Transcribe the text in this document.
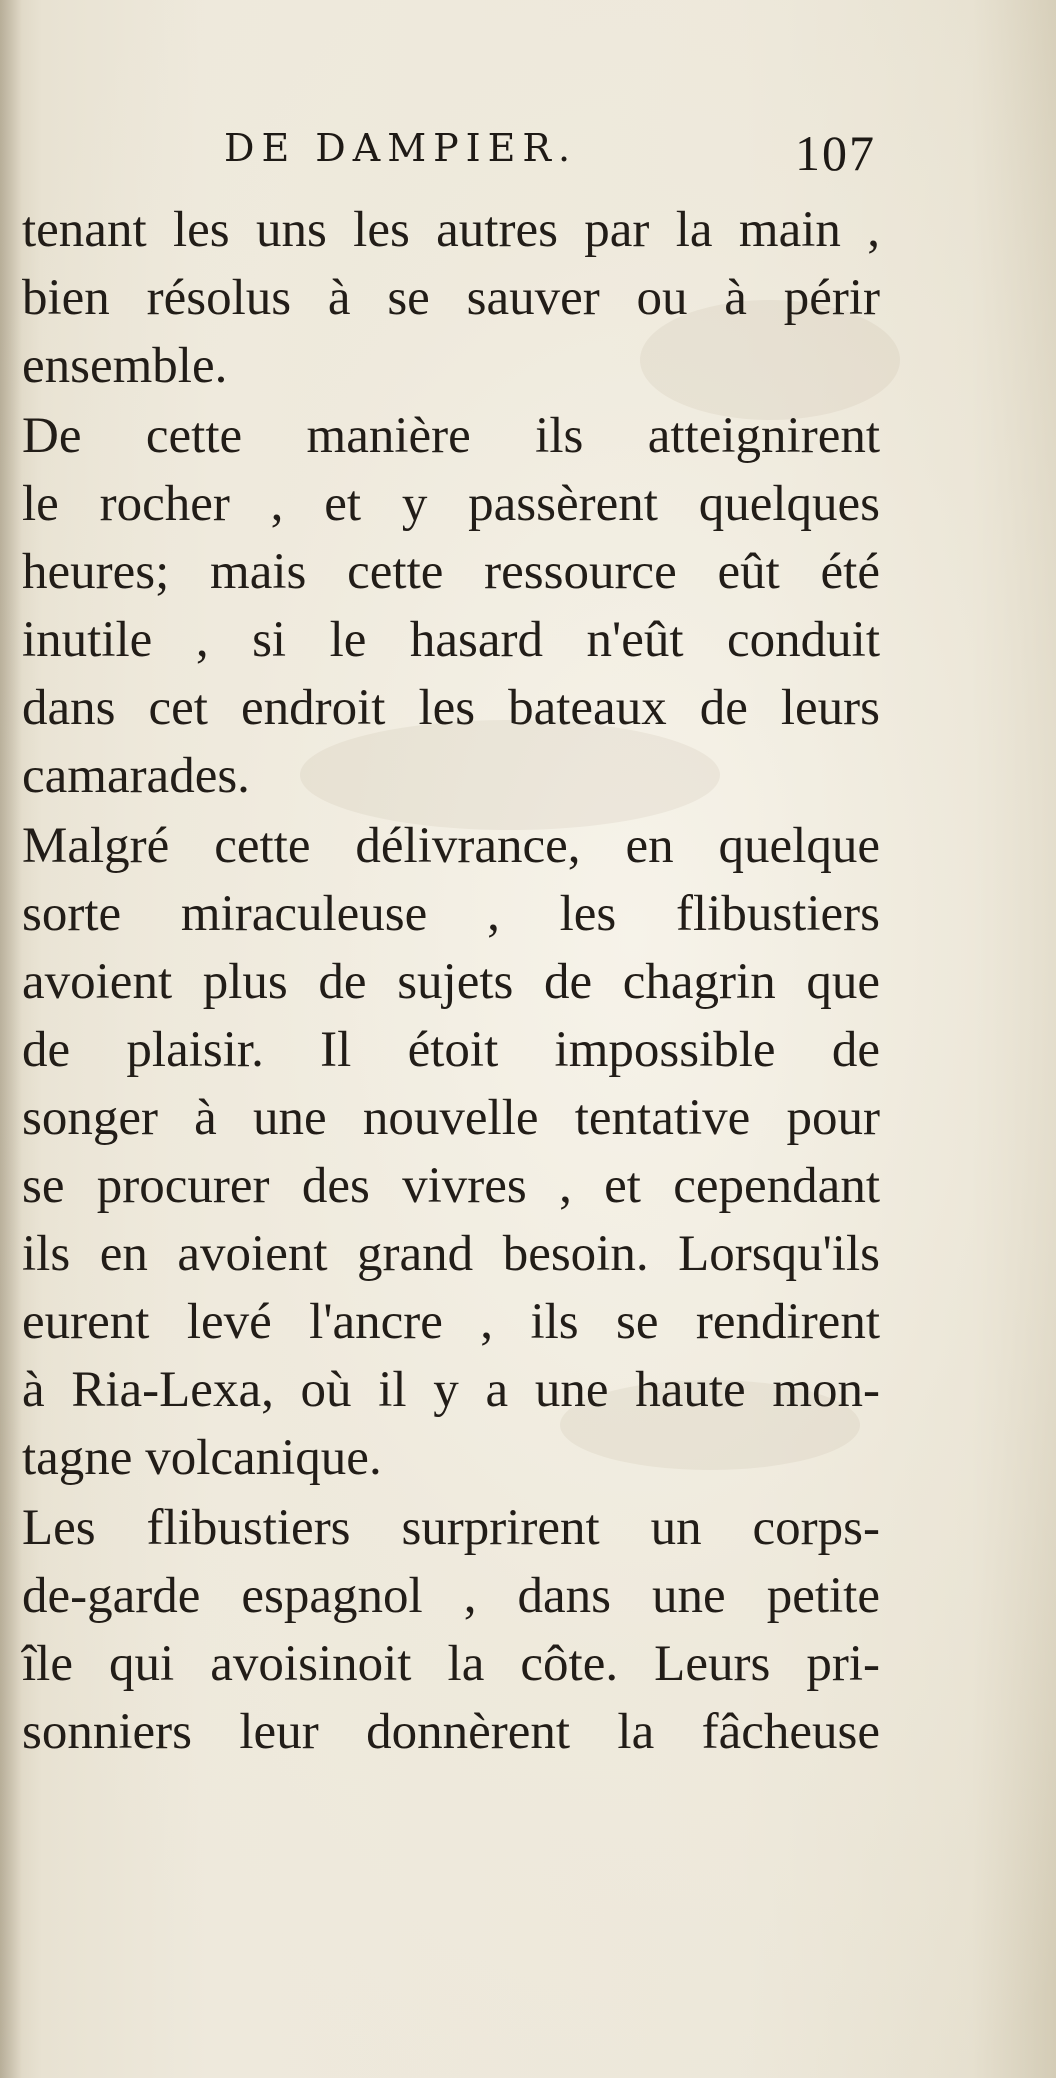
DE DAMPIER.	107
tenant les uns les autres par la main ,
bien résolus à se sauver ou à périr
ensemble.
De cette manière ils atteignirent
le rocher , et y passèrent quelques
heures; mais cette ressource eût été
inutile , si le hasard n'eût conduit
dans cet endroit les bateaux de leurs
camarades.
Malgré cette délivrance, en quelque
sorte miraculeuse , les flibustiers
avoient plus de sujets de chagrin que
de plaisir. Il étoit impossible de
songer à une nouvelle tentative pour
se procurer des vivres , et cependant
ils en avoient grand besoin. Lorsqu'ils
eurent levé l'ancre , ils se rendirent
à Ria-Lexa, où il y a une haute mon-
tagne volcanique.
Les flibustiers surprirent un corps-
de-garde espagnol , dans une petite
île qui avoisinoit la côte. Leurs pri-
sonniers leur donnèrent la fâcheuse
